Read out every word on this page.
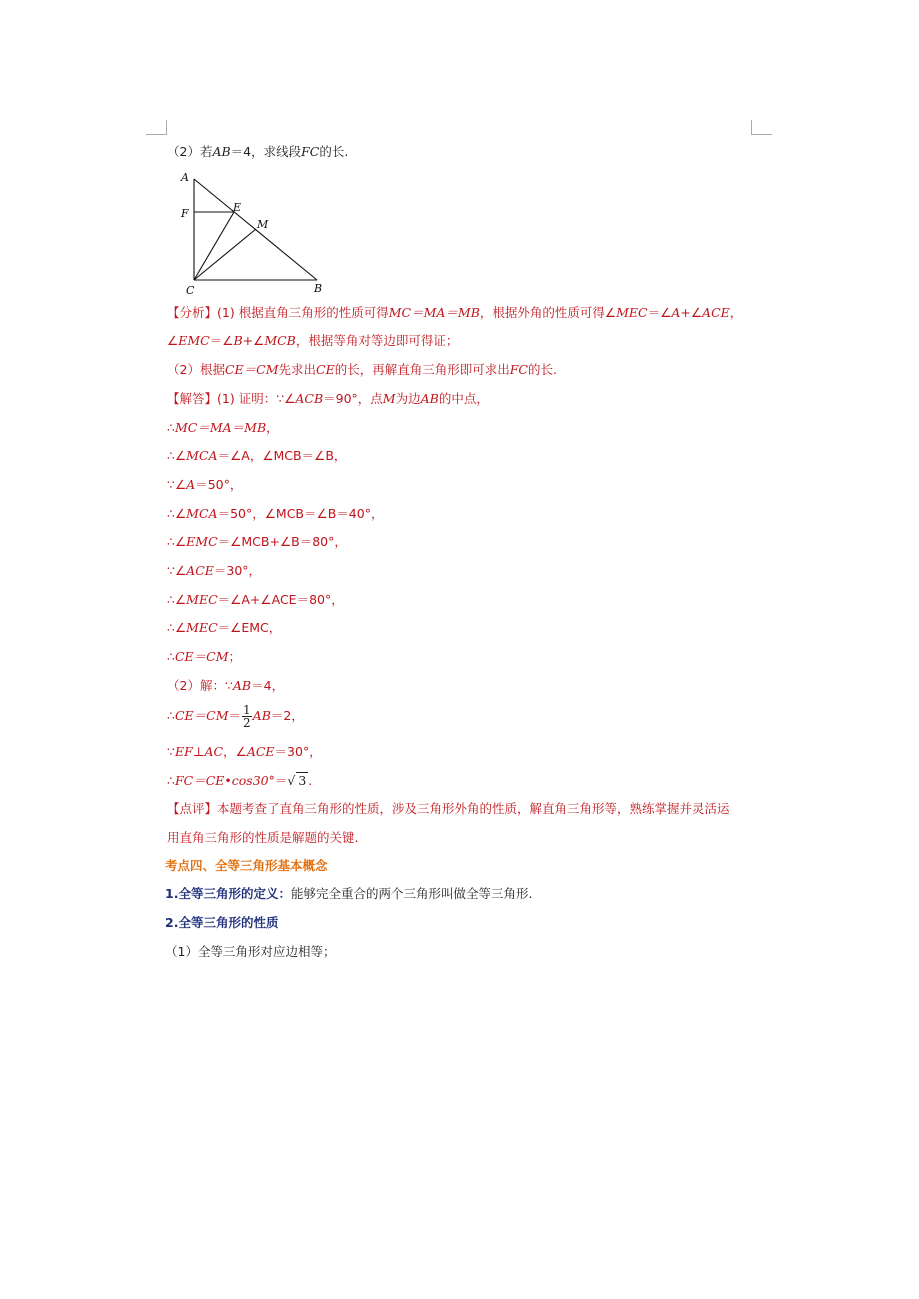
（2）若AB＝4，求线段FC的长.
A
F	E
M
C	B
【分析】(1) 根据直角三角形的性质可得MC＝MA＝MB，根据外角的性质可得∠MEC＝∠A+∠ACE，
∠EMC＝∠B+∠MCB，根据等角对等边即可得证；
（2）根据CE＝CM先求出CE的长，再解直角三角形即可求出FC的长.
【解答】(1) 证明：∵∠ACB＝90°，点M为边AB的中点，
∴MC＝MA＝MB，
∴∠MCA＝∠A，∠MCB＝∠B，
∵∠A＝50°，
∴∠MCA＝50°，∠MCB＝∠B＝40°，
∴∠EMC＝∠MCB+∠B＝80°，
∵∠ACE＝30°，
∴∠MEC＝∠A+∠ACE＝80°，
∴∠MEC＝∠EMC，
∴CE＝CM；
（2）解：∵AB＝4，
∴CE＝CM＝ $\frac{1}{2} AB=2$，
∵EF⊥AC，∠ACE＝30°，
∴FC＝CE•cos30°＝√ 3 .
【点评】本题考查了直角三角形的性质，涉及三角形外角的性质，解直角三角形等，熟练掌握并灵活运
用直角三角形的性质是解题的关键.
考点四、全等三角形基本概念
1.全等三角形的定义：能够完全重合的两个三角形叫做全等三角形.
2.全等三角形的性质
（1）全等三角形对应边相等；
